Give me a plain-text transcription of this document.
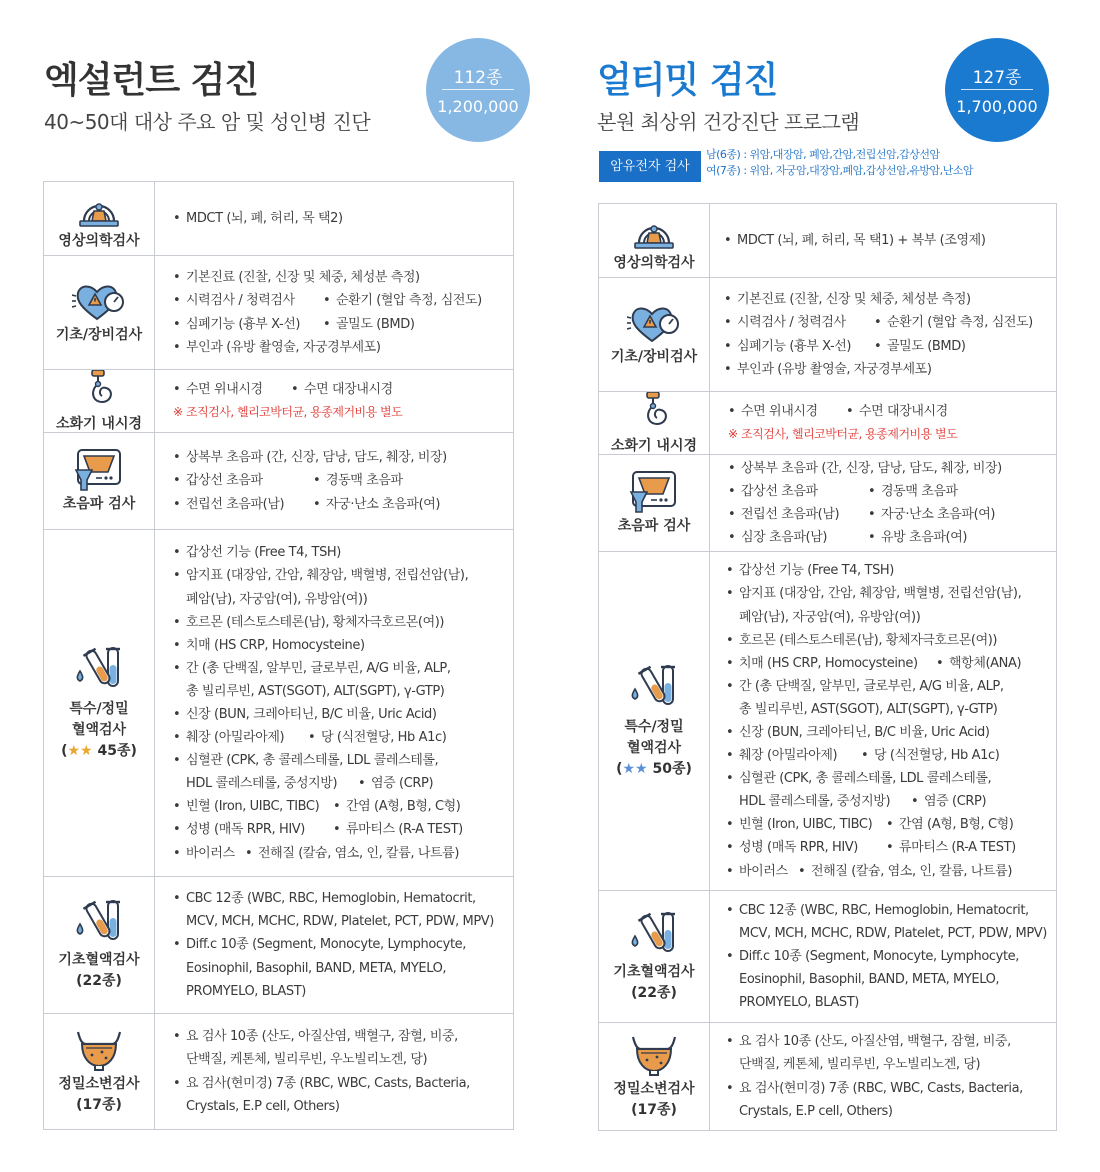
엑설런트 검진
40~50대 대상 주요 암 및 성인병 진단
112종
1,200,000
영상의학검사
• MDCT (뇌, 폐, 허리, 목 택2)
기초/장비검사
• 기본진료 (진찰, 신장 및 체중, 체성분 측정)
• 시력검사 / 청력검사	• 순환기 (혈압 측정, 심전도)
• 심폐기능 (흉부 X-선)	• 골밀도 (BMD)
• 부인과 (유방 촬영술, 자궁경부세포)
소화기 내시경
• 수면 위내시경	• 수면 대장내시경
※ 조직검사, 헬리코박터균, 용종제거비용 별도
초음파 검사
• 상복부 초음파 (간, 신장, 담낭, 담도, 췌장, 비장)
• 갑상선 초음파	• 경동맥 초음파
• 전립선 초음파(남)	• 자궁·난소 초음파(여)
특수/정밀
혈액검사
(★★ 45종)
• 갑상선 기능 (Free T4, TSH)
• 암지표 (대장암, 간암, 췌장암, 백혈병, 전립선암(남),
폐암(남), 자궁암(여), 유방암(여))
• 호르몬 (테스토스테론(남), 황체자극호르몬(여))
• 치매 (HS CRP, Homocysteine)
• 간 (총 단백질, 알부민, 글로부린, A/G 비율, ALP,
총 빌리루빈, AST(SGOT), ALT(SGPT), γ-GTP)
• 신장 (BUN, 크레아티닌, B/C 비율, Uric Acid)
• 췌장 (아밀라아제)	• 당 (식전혈당, Hb A1c)
• 심혈관 (CPK, 총 콜레스테롤, LDL 콜레스테롤,
HDL 콜레스테롤, 중성지방)	• 염증 (CRP)
• 빈혈 (Iron, UIBC, TIBC) • 간염 (A형, B형, C형)
• 성병 (매독 RPR, HIV)	• 류마티스 (R-A TEST)
• 바이러스 • 전해질 (칼슘, 염소, 인, 칼륨, 나트륨)
기초혈액검사
(22종)
• CBC 12종 (WBC, RBC, Hemoglobin, Hematocrit,
MCV, MCH, MCHC, RDW, Platelet, PCT, PDW, MPV)
• Diff.c 10종 (Segment, Monocyte, Lymphocyte,
Eosinophil, Basophil, BAND, META, MYELO,
PROMYELO, BLAST)
정밀소변검사
(17종)
• 요 검사 10종 (산도, 아질산염, 백혈구, 잠혈, 비중,
단백질, 케톤체, 빌리루빈, 우노빌리노겐, 당)
• 요 검사(현미경) 7종 (RBC, WBC, Casts, Bacteria,
Crystals, E.P cell, Others)
얼티밋 검진
본원 최상위 건강진단 프로그램
127종
1,700,000
암유전자 검사
남(6종) : 위암,대장암, 폐암,간암,전립선암,갑상선암
여(7종) : 위암, 자궁암,대장암,폐암,갑상선암,유방암,난소암
영상의학검사
• MDCT (뇌, 폐, 허리, 목 택1) + 복부 (조영제)
기초/장비검사
• 기본진료 (진찰, 신장 및 체중, 체성분 측정)
• 시력검사 / 청력검사	• 순환기 (혈압 측정, 심전도)
• 심폐기능 (흉부 X-선)	• 골밀도 (BMD)
• 부인과 (유방 촬영술, 자궁경부세포)
소화기 내시경
• 수면 위내시경	• 수면 대장내시경
※ 조직검사, 헬리코박터균, 용종제거비용 별도
초음파 검사
• 상복부 초음파 (간, 신장, 담낭, 담도, 췌장, 비장)
• 갑상선 초음파	• 경동맥 초음파
• 전립선 초음파(남)	• 자궁·난소 초음파(여)
• 심장 초음파(남)	• 유방 초음파(여)
특수/정밀
혈액검사
(★★ 50종)
• 갑상선 기능 (Free T4, TSH)
• 암지표 (대장암, 간암, 췌장암, 백혈병, 전립선암(남),
폐암(남), 자궁암(여), 유방암(여))
• 호르몬 (테스토스테론(남), 황체자극호르몬(여))
• 치매 (HS CRP, Homocysteine) • 핵항체(ANA)
• 간 (총 단백질, 알부민, 글로부린, A/G 비율, ALP,
총 빌리루빈, AST(SGOT), ALT(SGPT), γ-GTP)
• 신장 (BUN, 크레아티닌, B/C 비율, Uric Acid)
• 췌장 (아밀라아제)	• 당 (식전혈당, Hb A1c)
• 심혈관 (CPK, 총 콜레스테롤, LDL 콜레스테롤,
HDL 콜레스테롤, 중성지방)	• 염증 (CRP)
• 빈혈 (Iron, UIBC, TIBC) • 간염 (A형, B형, C형)
• 성병 (매독 RPR, HIV)	• 류마티스 (R-A TEST)
• 바이러스 • 전해질 (칼슘, 염소, 인, 칼륨, 나트륨)
기초혈액검사
(22종)
• CBC 12종 (WBC, RBC, Hemoglobin, Hematocrit,
MCV, MCH, MCHC, RDW, Platelet, PCT, PDW, MPV)
• Diff.c 10종 (Segment, Monocyte, Lymphocyte,
Eosinophil, Basophil, BAND, META, MYELO,
PROMYELO, BLAST)
정밀소변검사
(17종)
• 요 검사 10종 (산도, 아질산염, 백혈구, 잠혈, 비중,
단백질, 케톤체, 빌리루빈, 우노빌리노겐, 당)
• 요 검사(현미경) 7종 (RBC, WBC, Casts, Bacteria,
Crystals, E.P cell, Others)
